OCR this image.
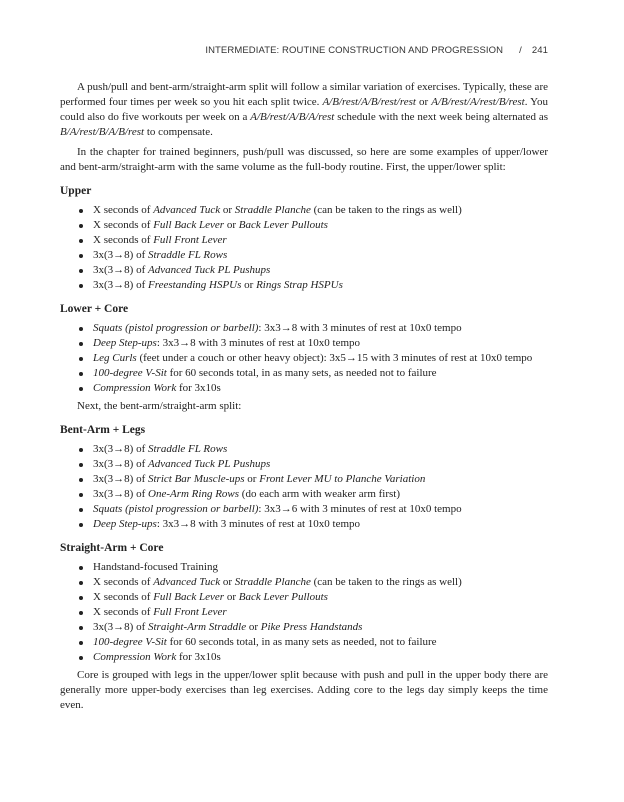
INTERMEDIATE: ROUTINE CONSTRUCTION AND PROGRESSION / 241

A push/pull and bent-arm/straight-arm split will follow a similar variation of exercises. Typically, these are performed four times per week so you hit each split twice. A/B/rest/A/B/rest/rest or A/B/rest/A/rest/B/rest. You could also do five workouts per week on a A/B/rest/A/B/A/rest schedule with the next week being alternated as B/A/rest/B/A/B/rest to compensate.

In the chapter for trained beginners, push/pull was discussed, so here are some examples of upper/lower and bent-arm/straight-arm with the same volume as the full-body routine. First, the upper/lower split:

Upper
X seconds of Advanced Tuck or Straddle Planche (can be taken to the rings as well)
X seconds of Full Back Lever or Back Lever Pullouts
X seconds of Full Front Lever
3x(3→8) of Straddle FL Rows
3x(3→8) of Advanced Tuck PL Pushups
3x(3→8) of Freestanding HSPUs or Rings Strap HSPUs
Lower + Core
Squats (pistol progression or barbell): 3x3→8 with 3 minutes of rest at 10x0 tempo
Deep Step-ups: 3x3→8 with 3 minutes of rest at 10x0 tempo
Leg Curls (feet under a couch or other heavy object): 3x5→15 with 3 minutes of rest at 10x0 tempo
100-degree V-Sit for 60 seconds total, in as many sets, as needed not to failure
Compression Work for 3x10s

Next, the bent-arm/straight-arm split:

Bent-Arm + Legs
3x(3→8) of Straddle FL Rows
3x(3→8) of Advanced Tuck PL Pushups
3x(3→8) of Strict Bar Muscle-ups or Front Lever MU to Planche Variation
3x(3→8) of One-Arm Ring Rows (do each arm with weaker arm first)
Squats (pistol progression or barbell): 3x3→6 with 3 minutes of rest at 10x0 tempo
Deep Step-ups: 3x3→8 with 3 minutes of rest at 10x0 tempo
Straight-Arm + Core
Handstand-focused Training
X seconds of Advanced Tuck or Straddle Planche (can be taken to the rings as well)
X seconds of Full Back Lever or Back Lever Pullouts
X seconds of Full Front Lever
3x(3→8) of Straight-Arm Straddle or Pike Press Handstands
100-degree V-Sit for 60 seconds total, in as many sets as needed, not to failure
Compression Work for 3x10s

Core is grouped with legs in the upper/lower split because with push and pull in the upper body there are generally more upper-body exercises than leg exercises. Adding core to the legs day simply keeps the time even.
